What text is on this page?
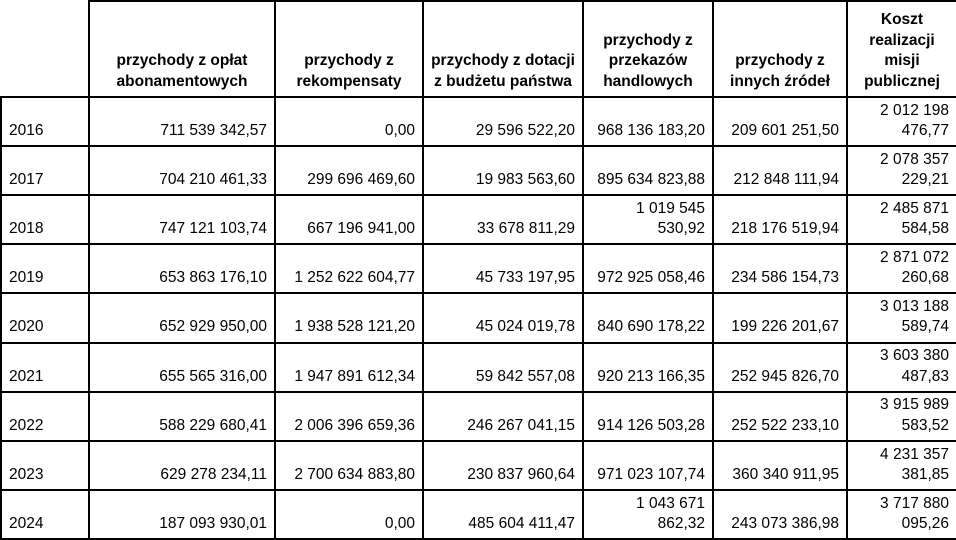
	przychody z opłat abonamentowych	przychody z rekompensaty	przychody z dotacji z budżetu państwa	przychody z przekazów handlowych	przychody z innych źródeł	Koszt realizacji misji publicznej
2016	711 539 342,57	0,00	29 596 522,20	968 136 183,20	209 601 251,50	2 012 198 476,77
2017	704 210 461,33	299 696 469,60	19 983 563,60	895 634 823,88	212 848 111,94	2 078 357 229,21
2018	747 121 103,74	667 196 941,00	33 678 811,29	1 019 545 530,92	218 176 519,94	2 485 871 584,58
2019	653 863 176,10	1 252 622 604,77	45 733 197,95	972 925 058,46	234 586 154,73	2 871 072 260,68
2020	652 929 950,00	1 938 528 121,20	45 024 019,78	840 690 178,22	199 226 201,67	3 013 188 589,74
2021	655 565 316,00	1 947 891 612,34	59 842 557,08	920 213 166,35	252 945 826,70	3 603 380 487,83
2022	588 229 680,41	2 006 396 659,36	246 267 041,15	914 126 503,28	252 522 233,10	3 915 989 583,52
2023	629 278 234,11	2 700 634 883,80	230 837 960,64	971 023 107,74	360 340 911,95	4 231 357 381,85
2024	187 093 930,01	0,00	485 604 411,47	1 043 671 862,32	243 073 386,98	3 717 880 095,26
